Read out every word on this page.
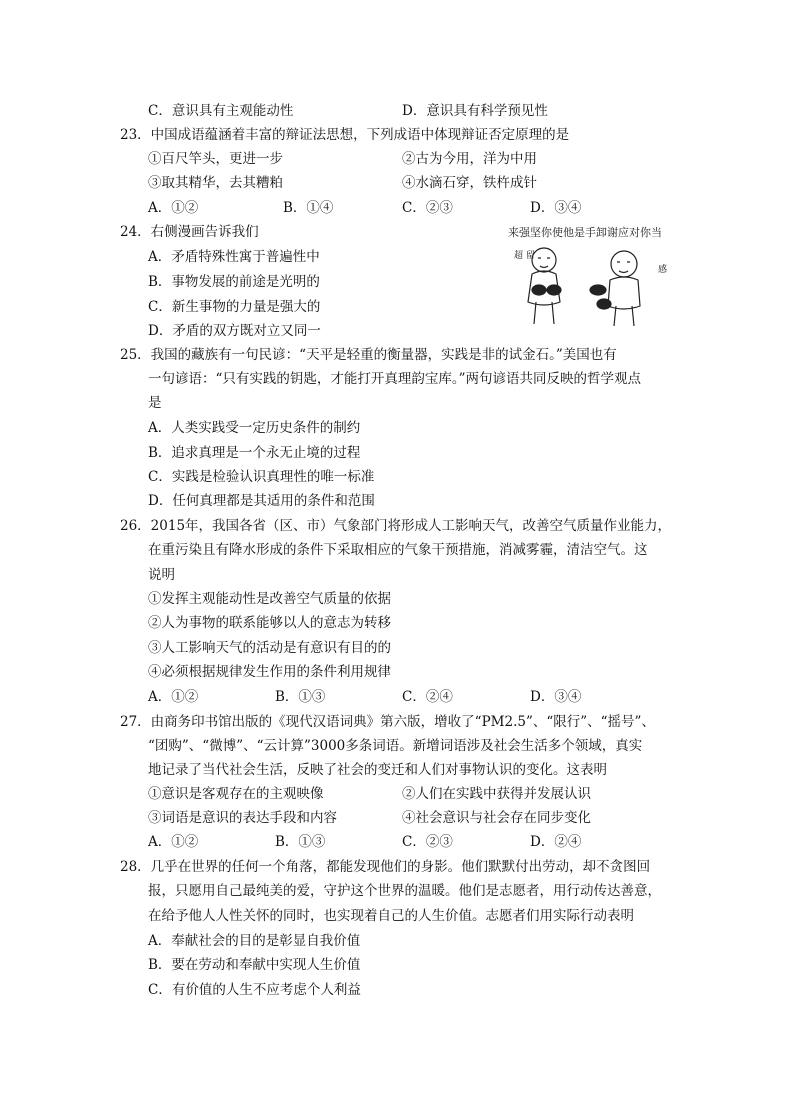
C．意识具有主观能动性	D．意识具有科学预见性
23．中国成语蕴涵着丰富的辩证法思想，下列成语中体现辩证否定原理的是
①百尺竿头，更进一步	②古为今用，洋为中用
③取其精华，去其糟粕	④水滴石穿，铁杵成针
A．①②	B．①④	C．②③	D．③④
24．右侧漫画告诉我们
A．矛盾特殊性寓于普遍性中
B．事物发展的前途是光明的
C．新生事物的力量是强大的
D．矛盾的双方既对立又同一
来强坚你使他是手卸谢应对你当
超 留
感
25．我国的藏族有一句民谚：“天平是轻重的衡量器，实践是非的试金石。”美国也有
一句谚语：“只有实践的钥匙，才能打开真理韵宝库。”两句谚语共同反映的哲学观点
是
A．人类实践受一定历史条件的制约
B．追求真理是一个永无止境的过程
C．实践是检验认识真理性的唯一标准
D．任何真理都是其适用的条件和范围
26．2015年，我国各省（区、市）气象部门将形成人工影响天气，改善空气质量作业能力，
在重污染且有降水形成的条件下采取相应的气象干预措施，消减雾霾，清洁空气。这
说明
①发挥主观能动性是改善空气质量的依据
②人为事物的联系能够以人的意志为转移
③人工影响天气的活动是有意识有目的的
④必须根据规律发生作用的条件利用规律
A．①②	B．①③	C．②④	D．③④
27．由商务印书馆出版的《现代汉语词典》第六版，增收了“PM2.5”、“限行”、“摇号”、
“团购”、“微博”、“云计算”3000多条词语。新增词语涉及社会生活多个领域，真实
地记录了当代社会生活，反映了社会的变迁和人们对事物认识的变化。这表明
①意识是客观存在的主观映像	②人们在实践中获得并发展认识
③词语是意识的表达手段和内容	④社会意识与社会存在同步变化
A．①②	B．①③	C．②③	D．②④
28．几乎在世界的任何一个角落，都能发现他们的身影。他们默默付出劳动，却不贪图回
报，只愿用自己最纯美的爱，守护这个世界的温暖。他们是志愿者，用行动传达善意，
在给予他人人性关怀的同时，也实现着自己的人生价值。志愿者们用实际行动表明
A．奉献社会的目的是彰显自我价值
B．要在劳动和奉献中实现人生价值
C．有价值的人生不应考虑个人利益
